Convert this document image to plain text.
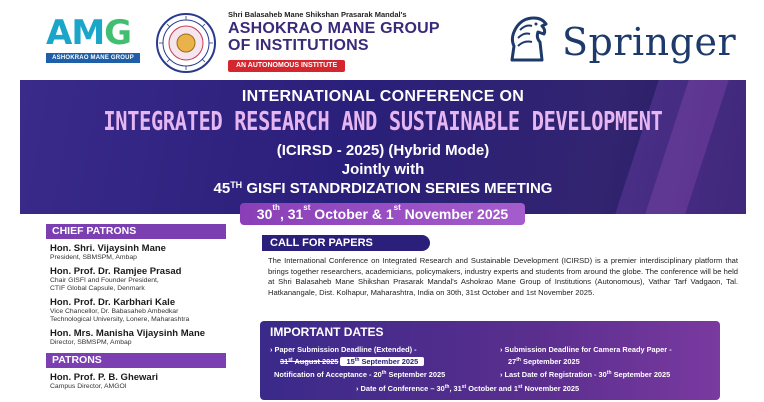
AMG
ASHOKRAO MANE GROUP
Shri Balasaheb Mane Shikshan Prasarak Mandal's
ASHOKRAO MANE GROUP
OF INSTITUTIONS
AN AUTONOMOUS INSTITUTE
Springer
INTERNATIONAL CONFERENCE ON
INTEGRATED RESEARCH AND SUSTAINABLE DEVELOPMENT
(ICIRSD - 2025) (Hybrid Mode)
Jointly with
45TH GISFI STANDRDIZATION SERIES MEETING
30th, 31st October & 1st November 2025
CHIEF PATRONS
Hon. Shri. Vijaysinh Mane
President, SBMSPM, Ambap
Hon. Prof. Dr. Ramjee Prasad
Chair GISFI and Founder President,
CTIF Global Capsule, Denmark
Hon. Prof. Dr. Karbhari Kale
Vice Chancellor, Dr. Babasaheb Ambedkar
Technological University, Lonere, Maharashtra
Hon. Mrs. Manisha Vijaysinh Mane
Director, SBMSPM, Ambap
PATRONS
Hon. Prof. P. B. Ghewari
Campus Director, AMGOI
CALL FOR PAPERS
The International Conference on Integrated Research and Sustainable Development (ICIRSD) is a premier interdisciplinary platform that brings together researchers, academicians, policymakers, industry experts and students from around the globe. The conference will be held at Shri Balasaheb Mane Shikshan Prasarak Mandal's Ashokrao Mane Group of Institutions (Autonomous), Vathar Tarf Vadgaon, Tal. Hatkanangale, Dist. Kolhapur, Maharashtra, India on 30th, 31st October and 1st November 2025.
IMPORTANT DATES
› Paper Submission Deadline (Extended) -
31st August 2025 15th September 2025
Notification of Acceptance - 20th September 2025
› Submission Deadline for Camera Ready Paper -
27th September 2025
› Last Date of Registration - 30th September 2025
› Date of Conference – 30th, 31st October and 1st November 2025
